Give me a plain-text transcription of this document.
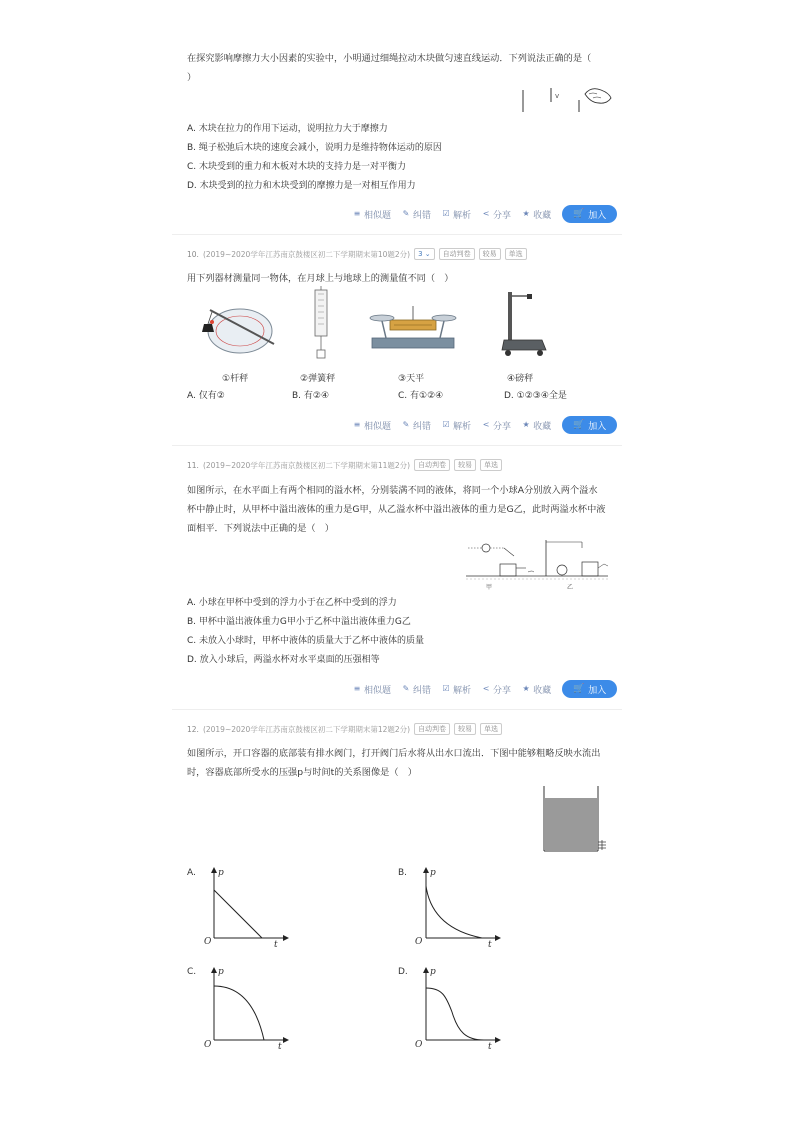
在探究影响摩擦力大小因素的实验中，小明通过细绳拉动木块做匀速直线运动．下列说法正确的是（
）
v
A. 木块在拉力的作用下运动，说明拉力大于摩擦力
B. 绳子松弛后木块的速度会减小，说明力是维持物体运动的原因
C. 木块受到的重力和木板对木块的支持力是一对平衡力
D. 木块受到的拉力和木块受到的摩擦力是一对相互作用力
≡ 相似题 ✎ 纠错 ☑ 解析 < 分享 ★ 收藏 🛒 加入
10. (2019~2020学年江苏南京鼓楼区初二下学期期末第10题2分)	3 ⌄	自动判卷	较易	单选
用下列器材测量同一物体，在月球上与地球上的测量值不同（　）
①杆秤	②弹簧秤	③天平	④磅秤
A. 仅有②	B. 有②④	C. 有①②④	D. ①②③④全是
≡ 相似题 ✎ 纠错 ☑ 解析 < 分享 ★ 收藏 🛒 加入
11. (2019~2020学年江苏南京鼓楼区初二下学期期末第11题2分)	自动判卷	较易	单选
如图所示，在水平面上有两个相同的溢水杯，分别装满不同的液体，将同一个小球A分别放入两个溢水
杯中静止时，从甲杯中溢出液体的重力是G甲，从乙溢水杯中溢出液体的重力是G乙，此时两溢水杯中液
面相平．下列说法中正确的是（　）
甲	乙
A. 小球在甲杯中受到的浮力小于在乙杯中受到的浮力
B. 甲杯中溢出液体重力G甲小于乙杯中溢出液体重力G乙
C. 未放入小球时，甲杯中液体的质量大于乙杯中液体的质量
D. 放入小球后，两溢水杯对水平桌面的压强相等
≡ 相似题 ✎ 纠错 ☑ 解析 < 分享 ★ 收藏 🛒 加入
12. (2019~2020学年江苏南京鼓楼区初二下学期期末第12题2分)	自动判卷	较易	单选
如图所示，开口容器的底部装有排水阀门，打开阀门后水将从出水口流出．下图中能够粗略反映水流出
时，容器底部所受水的压强p与时间t的关系图像是（　）
A.	B.
C.	D.
p
t
O
p
t
O
p
t
O
p
t
O
